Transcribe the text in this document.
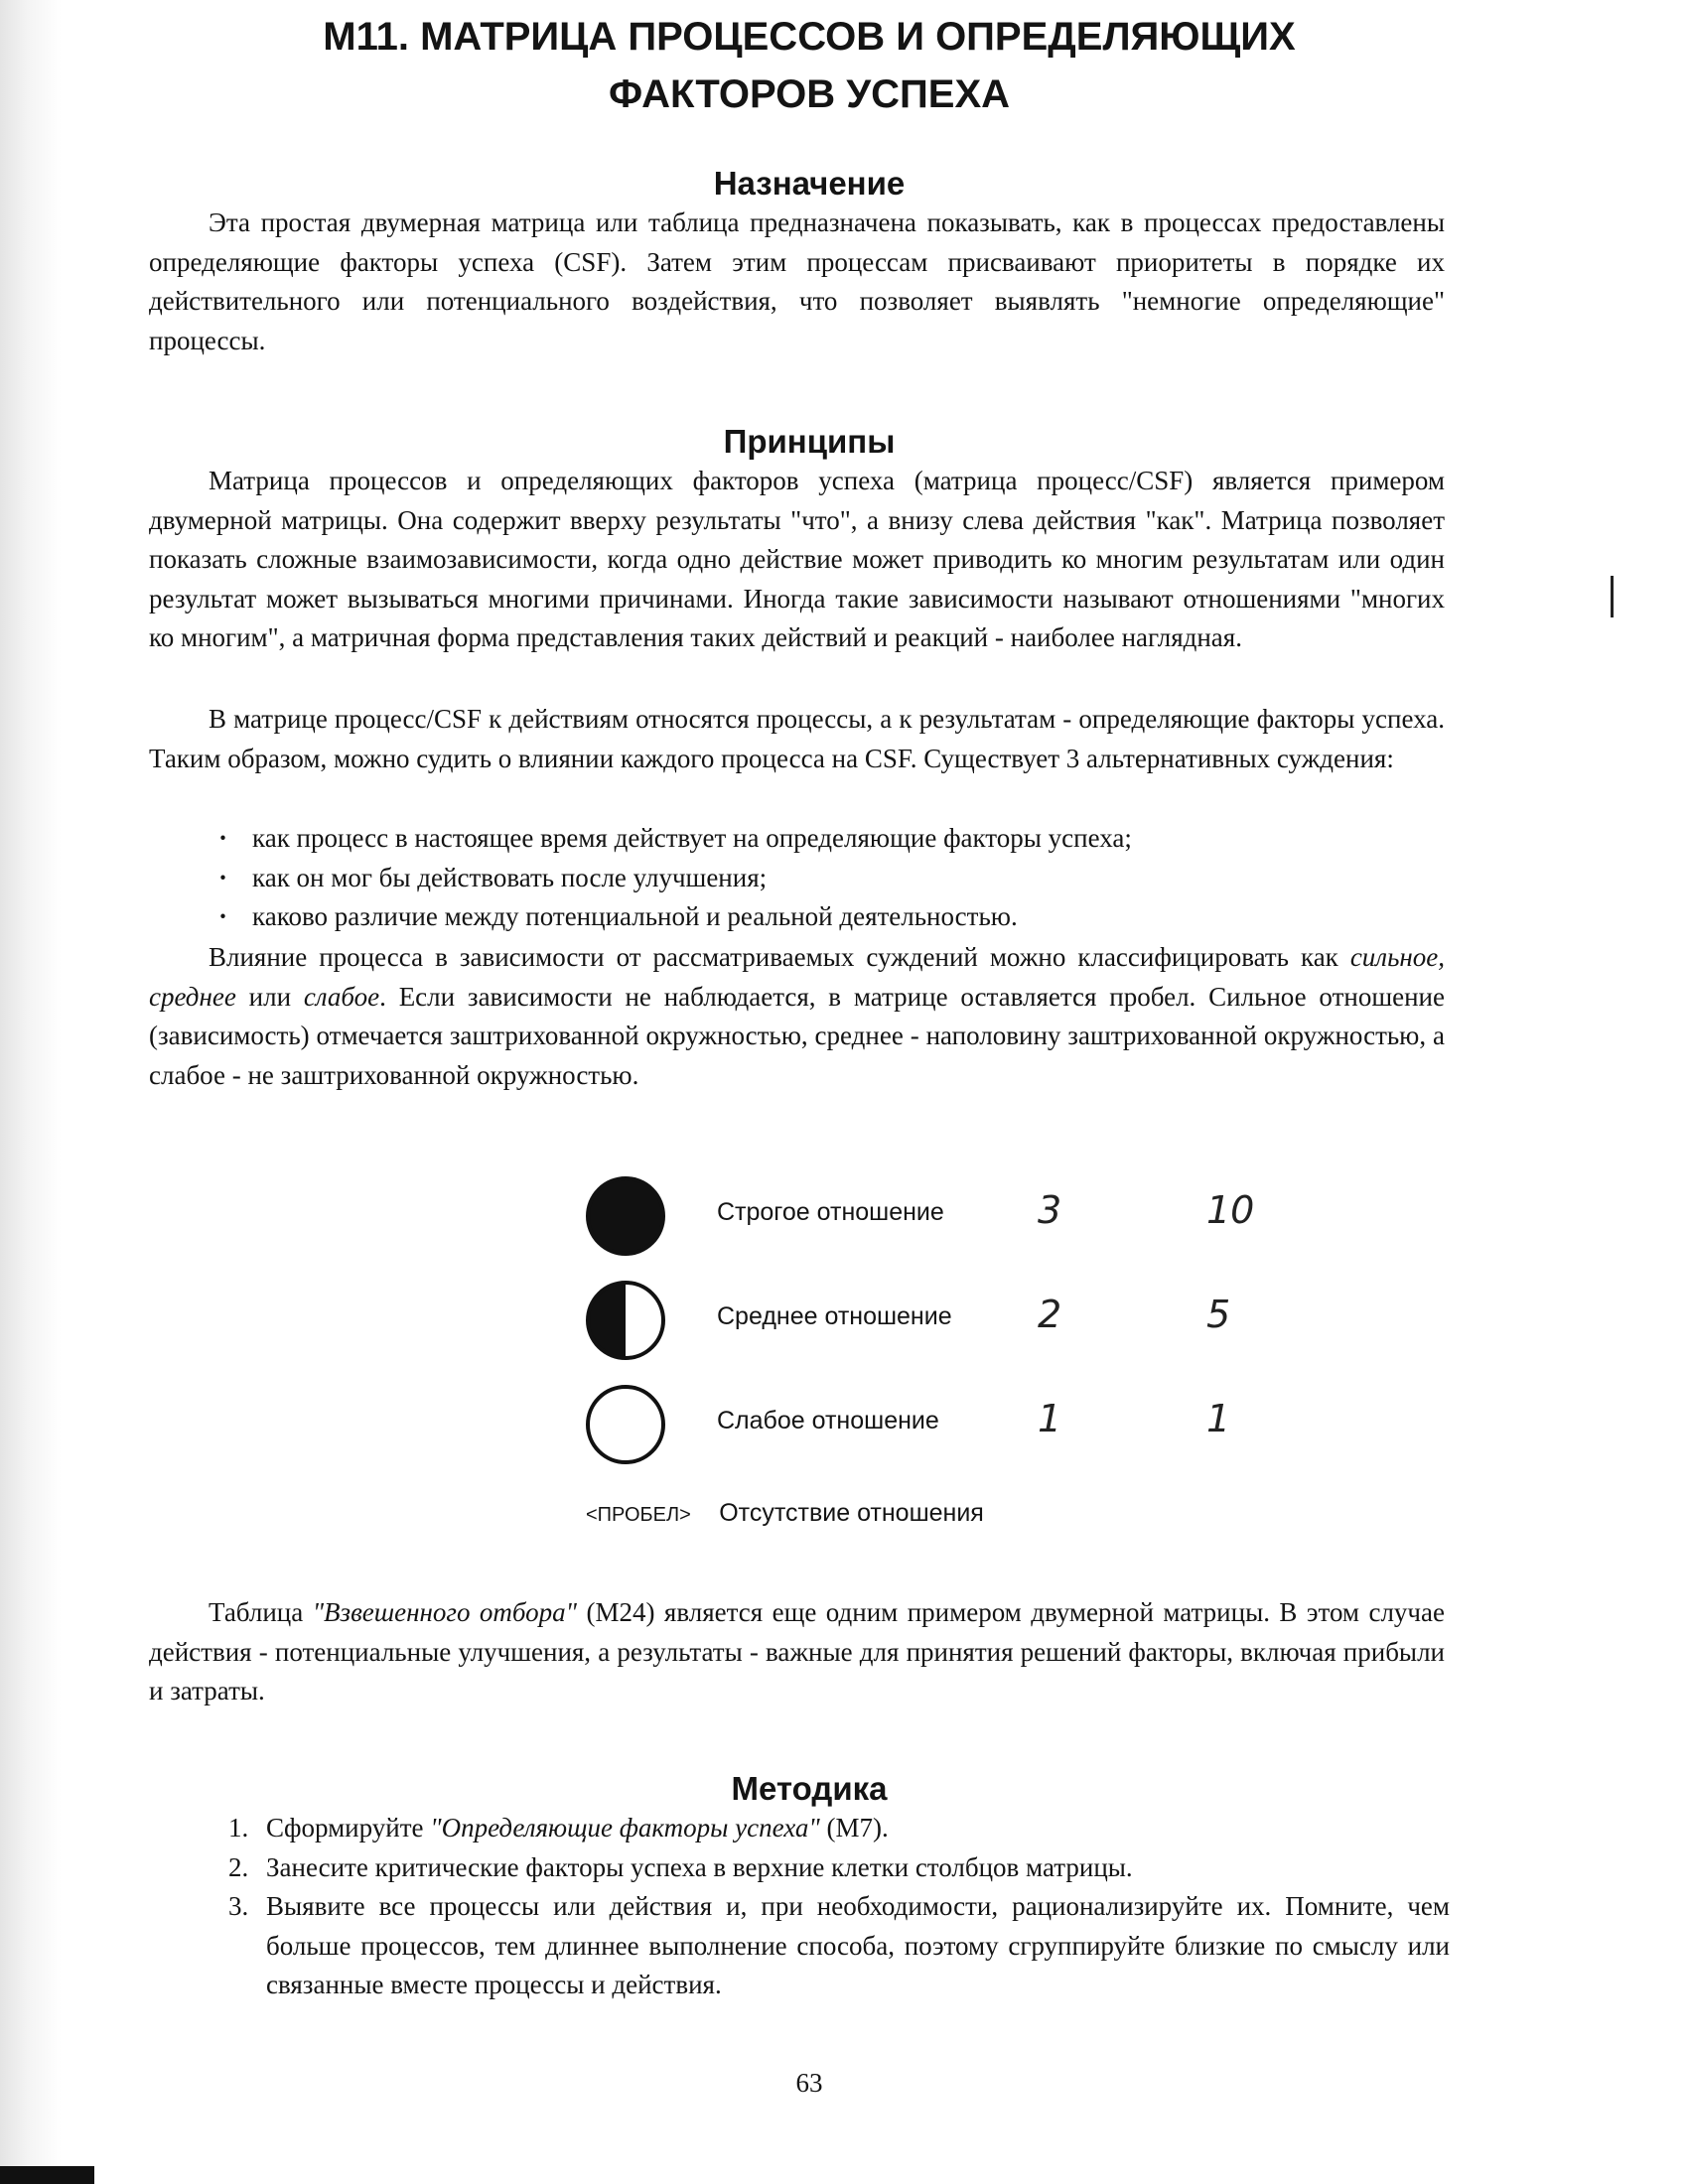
М11. МАТРИЦА ПРОЦЕССОВ И ОПРЕДЕЛЯЮЩИХ
ФАКТОРОВ УСПЕХА
Назначение

Эта простая двумерная матрица или таблица предназначена показывать, как в процессах предоставлены определяющие факторы успеха (CSF). Затем этим процессам присваивают приоритеты в порядке их действительного или потенциального воздействия, что позволяет выявлять "немногие определяющие" процессы.

Принципы

Матрица процессов и определяющих факторов успеха (матрица процесс/CSF) является примером двумерной матрицы. Она содержит вверху результаты "что", а внизу слева действия "как". Матрица позволяет показать сложные взаимозависимости, когда одно действие может приводить ко многим результатам или один результат может вызываться многими причинами. Иногда такие зависимости называют отношениями "многих ко многим", а матричная форма представления таких действий и реакций - наиболее наглядная.

В матрице процесс/CSF к действиям относятся процессы, а к результатам - определяющие факторы успеха. Таким образом, можно судить о влиянии каждого процесса на CSF. Существует 3 альтернативных суждения:

· как процесс в настоящее время действует на определяющие факторы успеха;
· как он мог бы действовать после улучшения;
· каково различие между потенциальной и реальной деятельностью.

Влияние процесса в зависимости от рассматриваемых суждений можно классифицировать как сильное, среднее или слабое. Если зависимости не наблюдается, в матрице оставляется пробел. Сильное отношение (зависимость) отмечается заштрихованной окружностью, среднее - наполовину заштрихованной окружностью, а слабое - не заштрихованной окружностью.

Строгое отношение 3	10
Среднее отношение 2	5
Слабое отношение	1	1
<ПРОБЕЛ> Отсутствие отношения

Таблица "Взвешенного отбора" (М24) является еще одним примером двумерной матрицы. В этом случае действия - потенциальные улучшения, а результаты - важные для принятия решений факторы, включая прибыли и затраты.

Методика
1. Сформируйте "Определяющие факторы успеха" (М7).
2. Занесите критические факторы успеха в верхние клетки столбцов матрицы.
3. Выявите все процессы или действия и, при необходимости, рационализируйте их. Помните, чем больше процессов, тем длиннее выполнение способа, поэтому сгруппируйте близкие по смыслу или связанные вместе процессы и действия.
63
